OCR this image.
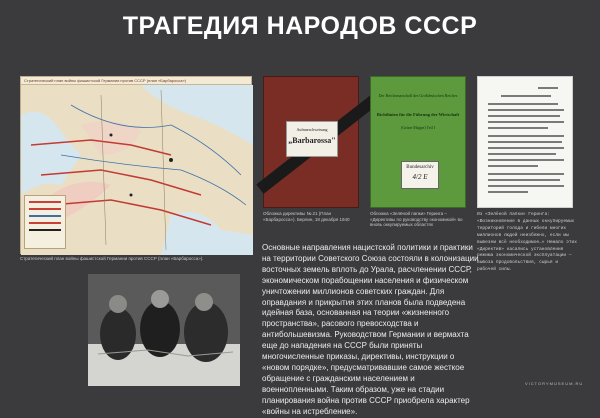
ТРАГЕДИЯ НАРОДОВ СССР
Стратегический план войны фашистской Германии против СССР (план «Барбаросса»)
Стратегический план войны фашистской Германии против СССР (план «Барбаросса»).
Aufmarschweisung
„Barbarossa"
Обложка директивы № 21 (План «Барбаросса»). Берлин, 18 декабря 1940
Der Reichsmarschall des Großdeutschen Reiches
Richtlinien für die Führung der Wirtschaft
(Grüne Mappe) Teil I
Bundesarchiv
4/2 E
Обложка «Зелёной папки» Геринга – «Директивы по руководству экономикой» во вновь оккупируемых областях
Из «Зелёной папки» Геринга: «Возникновение в данных оккупируемых территорий голода и гибели многих миллионов людей неизбежно, если мы вывезем всё необходимое…» Немало этих «Директив» касались установления режима экономической эксплуатации — вывоза продовольствия, сырья и рабочей силы.
Основные направления нацистской политики и практики на территории Советского Союза состояли в колонизации восточных земель вплоть до Урала, расчленении СССР, экономическом порабощении населения и физическом уничтожении миллионов советских граждан. Для оправдания и прикрытия этих планов была подведена идейная база, основанная на теории «жизненного пространства», расового превосходства и антибольшевизма. Руководством Германии и вермахта еще до нападения на СССР были приняты многочисленные приказы, директивы, инструкции о «новом порядке», предусматривавшие самое жесткое обращение с гражданским населением и военнопленными. Таким образом, уже на стадии планирования война против СССР приобрела характер «войны на истребление».
VICTORYMUSEUM.RU
